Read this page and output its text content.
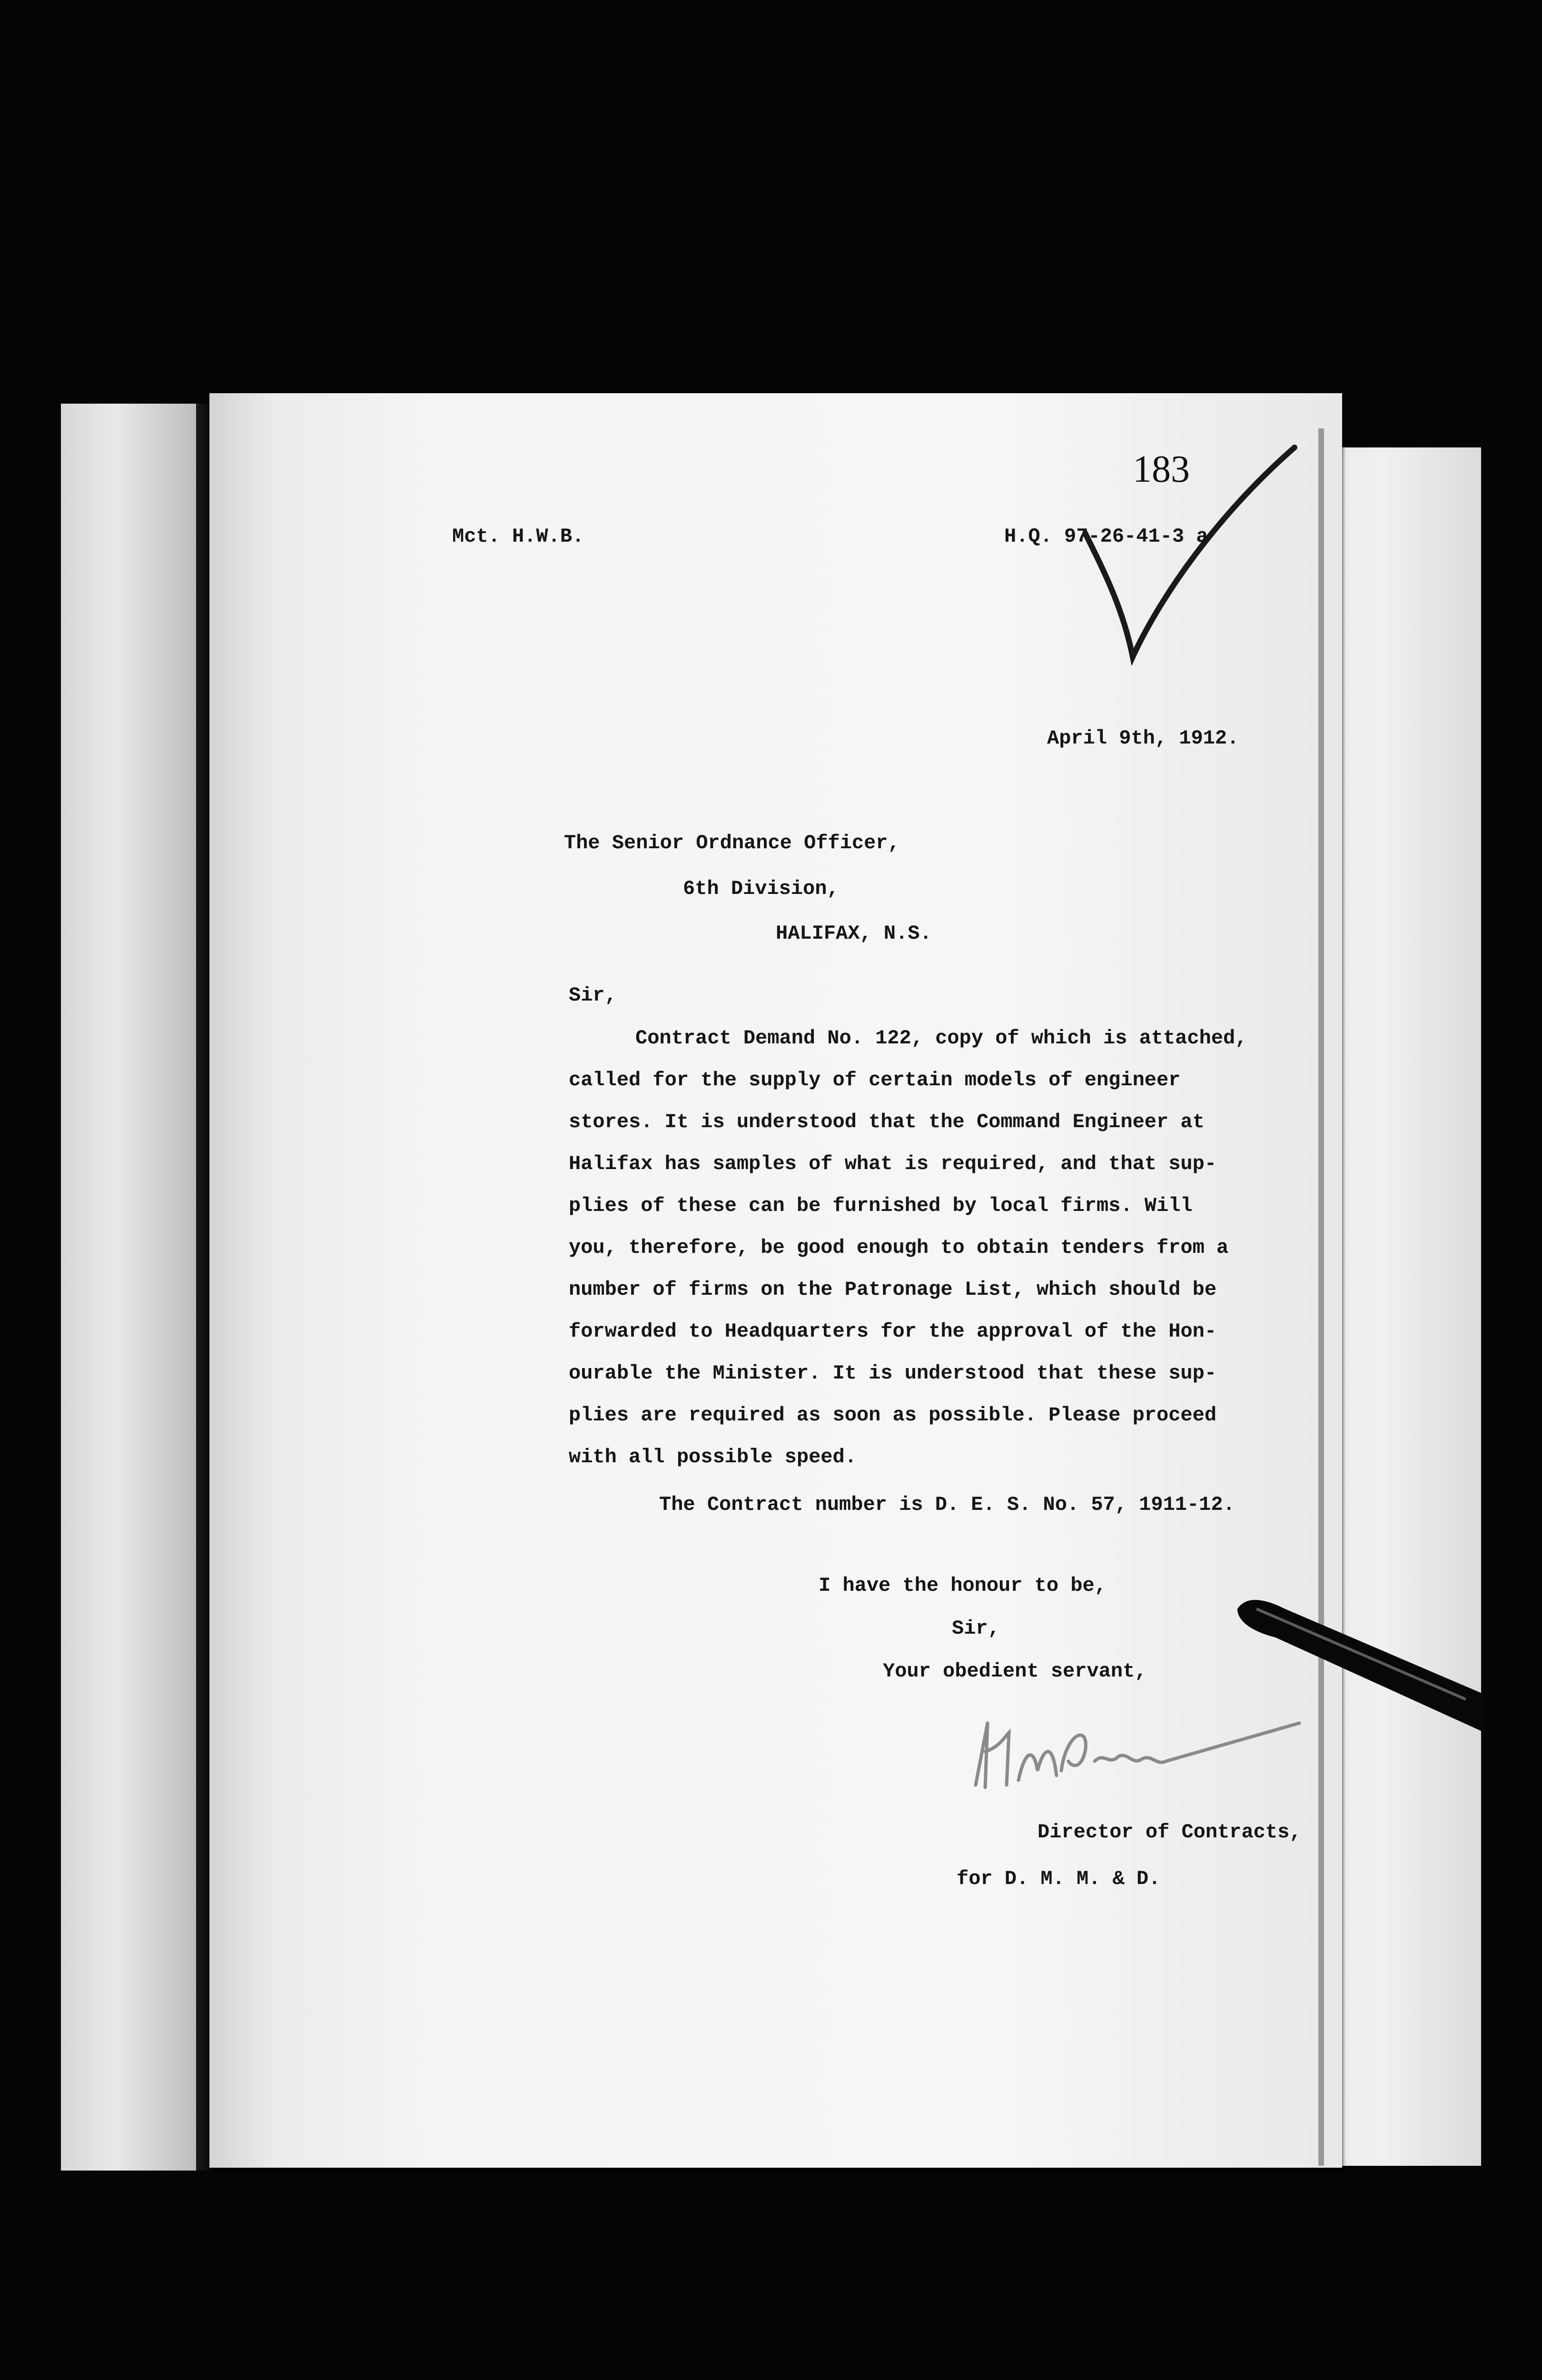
183
Mct. H.W.B.	H.Q. 97-26-41-3 a
April 9th, 1912.
The Senior Ordnance Officer,
6th Division,
HALIFAX, N.S.
Sir,
Contract Demand No. 122, copy of which is attached,
called for the supply of certain models of engineer
stores. It is understood that the Command Engineer at
Halifax has samples of what is required, and that sup-
plies of these can be furnished by local firms. Will
you, therefore, be good enough to obtain tenders from a
number of firms on the Patronage List, which should be
forwarded to Headquarters for the approval of the Hon-
ourable the Minister. It is understood that these sup-
plies are required as soon as possible. Please proceed
with all possible speed.
The Contract number is D. E. S. No. 57, 1911-12.
I have the honour to be,
Sir,
Your obedient servant,
Director of Contracts,
for D. M. M. & D.
